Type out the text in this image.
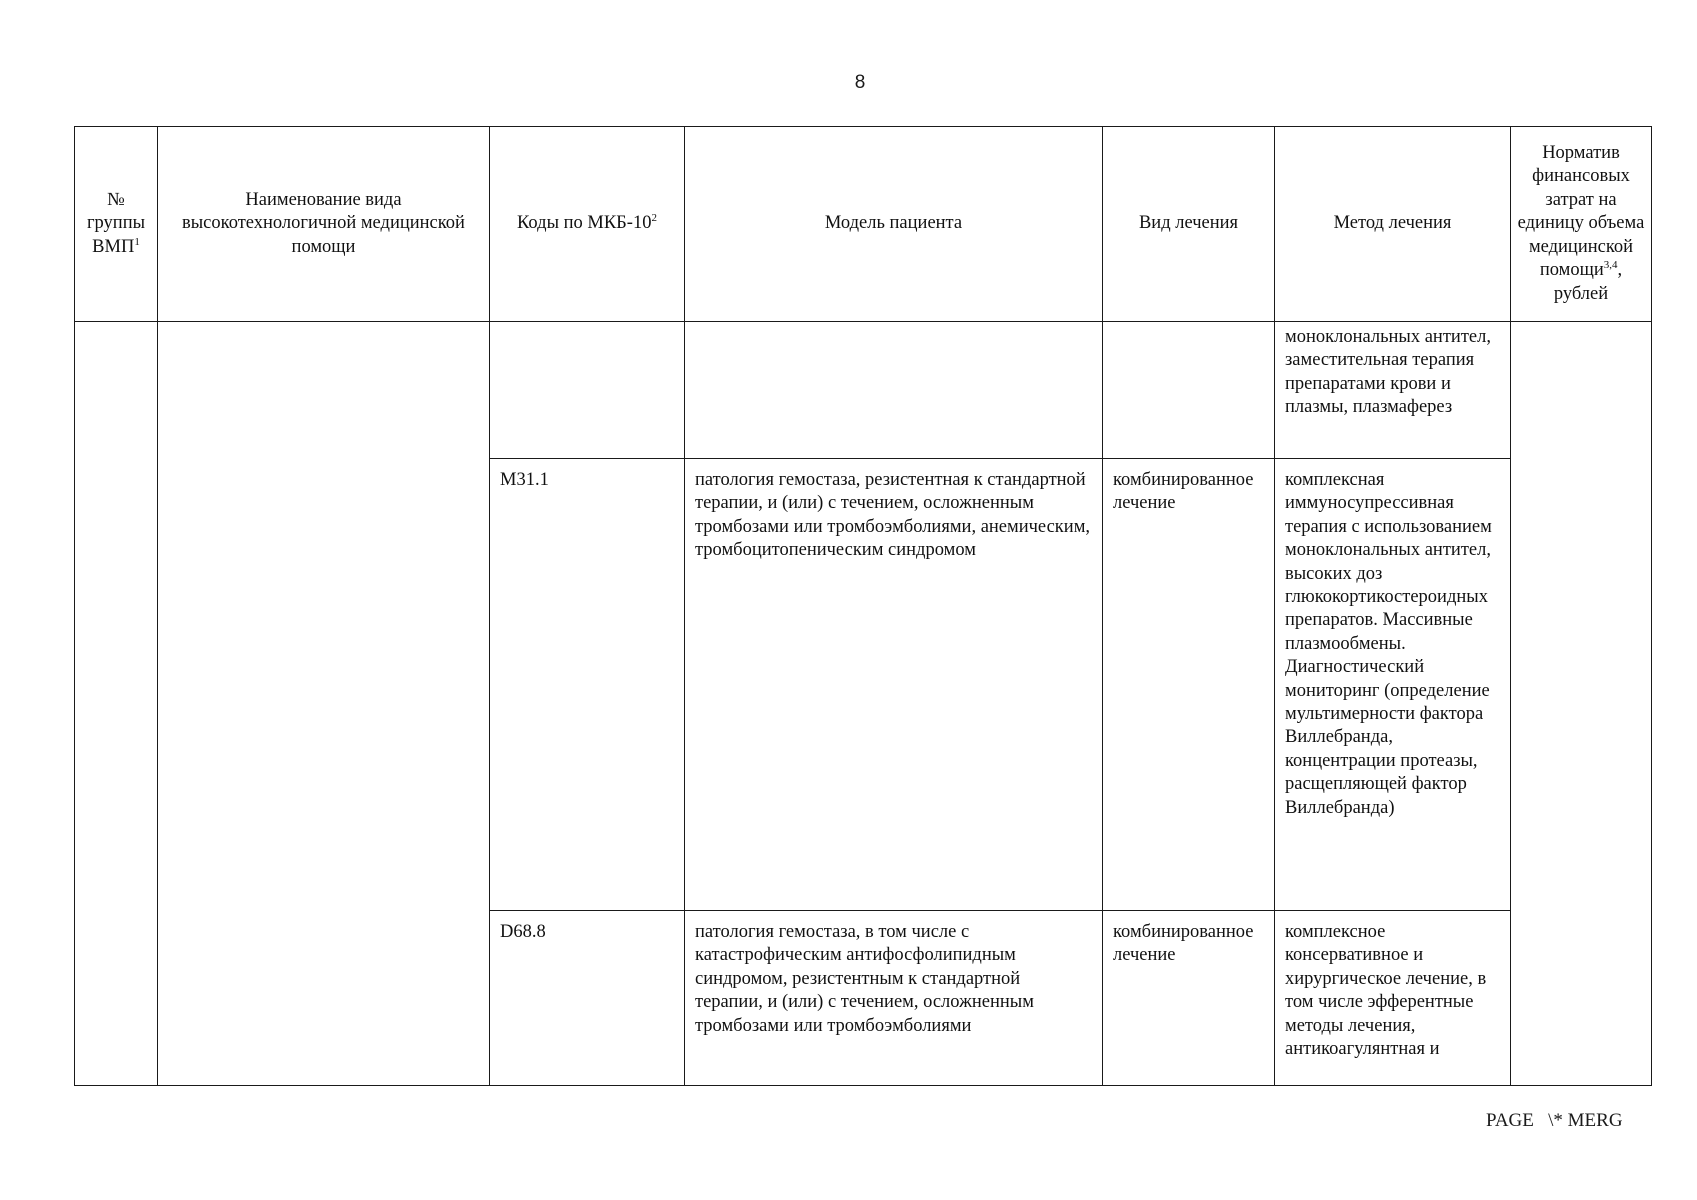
8
№ группы ВМП$^1$	Наименование вида высокотехнологичной медицинской помощи	Коды по МКБ-$10^2$	Модель пациента	Вид лечения	Метод лечения	Норматив финансовых затрат на единицу объема медицинской помощи$^{3,4}$, рублей

					моноклональных антител, заместительная терапия препаратами крови и плазмы, плазмаферез	

		M31.1	патология гемостаза, резистентная к стандартной терапии, и (или) с течением, осложненным тромбозами или тромбоэмболиями, анемическим, тромбоцитопеническим синдромом	комбинированное лечение	комплексная иммуносупрессивная терапия с использованием моноклональных антител, высоких доз глюкокортикостероидных препаратов. Массивные плазмообмены. Диагностический мониторинг (определение мультимерности фактора Виллебранда, концентрации протеазы, расщепляющей фактор Виллебранда)	

		D68.8	патология гемостаза, в том числе с катастрофическим антифосфолипидным синдромом, резистентным к стандартной терапии, и (или) с течением, осложненным тромбозами или тромбоэмболиями	комбинированное лечение	комплексное консервативное и хирургическое лечение, в том числе эфферентные методы лечения, антикоагулянтная и	
PAGE   \* MERG
